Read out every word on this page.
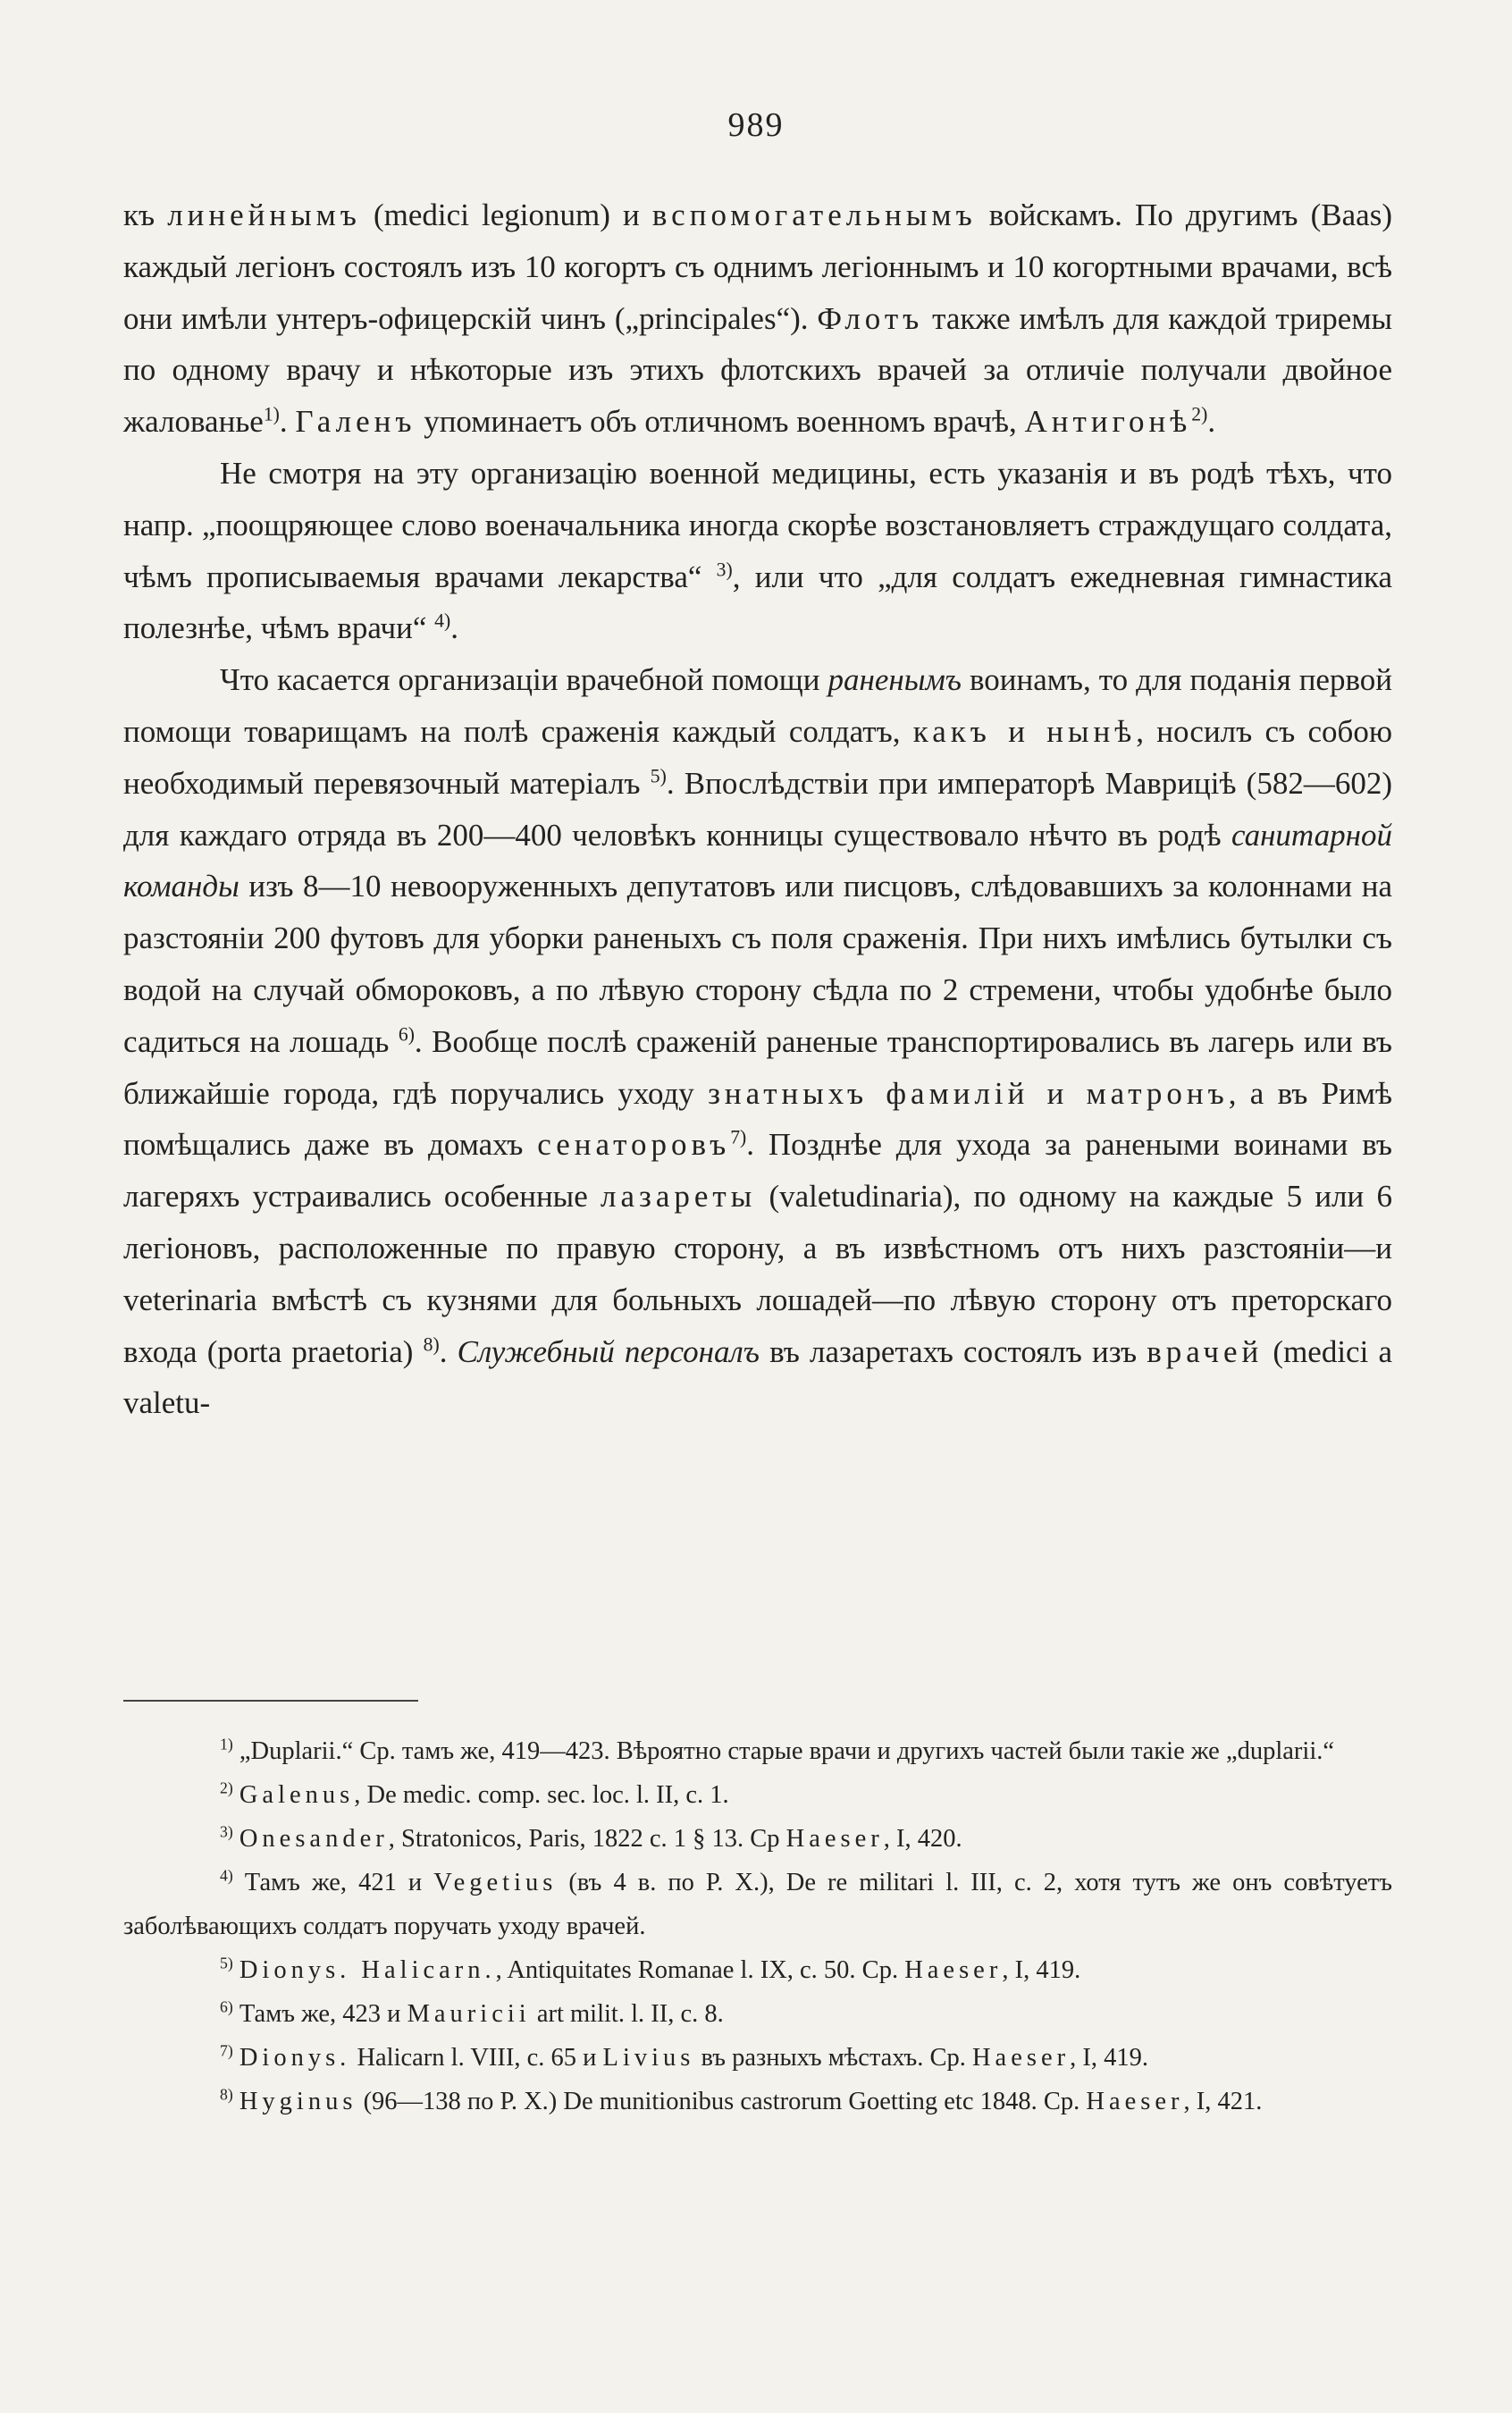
989

къ линейнымъ (medici legionum) и вспомогательнымъ войскамъ. По другимъ (Baas) каждый легіонъ состоялъ изъ 10 когортъ съ однимъ легіоннымъ и 10 когортными врачами, всѣ они имѣли унтеръ-офицерскій чинъ („principales“). Флотъ также имѣлъ для каждой триремы по одному врачу и нѣкоторые изъ этихъ флотскихъ врачей за отличіе получали двойное жалованье$^{1)}$. Галенъ упоминаетъ объ отличномъ военномъ врачѣ, Антигонѣ$^{2)}$.

Не смотря на эту организацію военной медицины, есть указанія и въ родѣ тѣхъ, что напр. „поощряющее слово военачальника иногда скорѣе возстановляетъ страждущаго солдата, чѣмъ прописываемыя врачами лекарства“ $^{3)}$, или что „для солдатъ ежедневная гимнастика полезнѣе, чѣмъ врачи“ $^{4)}$.

Что касается организаціи врачебной помощи раненымъ воинамъ, то для поданія первой помощи товарищамъ на полѣ сраженія каждый солдатъ, какъ и нынѣ, носилъ съ собою необходимый перевязочный матеріалъ $^{5)}$. Впослѣдствіи при императорѣ Маврицiѣ (582—602) для каждаго отряда въ 200—400 человѣкъ конницы существовало нѣчто въ родѣ санитарной команды изъ 8—10 невооруженныхъ депутатовъ или писцовъ, слѣдовавшихъ за колоннами на разстояніи 200 футовъ для уборки раненыхъ съ поля сраженія. При нихъ имѣлись бутылки съ водой на случай обмороковъ, а по лѣвую сторону сѣдла по 2 стремени, чтобы удобнѣе было садиться на лошадь $^{6)}$. Вообще послѣ сраженій раненые транспортировались въ лагерь или въ ближайшіе города, гдѣ поручались уходу знатныхъ фамилій и матронъ, а въ Римѣ помѣщались даже въ домахъ сенаторовъ$^{7)}$. Позднѣе для ухода за ранеными воинами въ лагеряхъ устраивались особенные лазареты (valetudinaria), по одному на каждые 5 или 6 легіоновъ, расположенные по правую сторону, а въ извѣстномъ отъ нихъ разстояніи—и veterinaria вмѣстѣ съ кузнями для больныхъ лошадей—по лѣвую сторону отъ преторскаго входа (porta praetoria) $^{8)}$. Служебный персоналъ въ лазаретахъ состоялъ изъ врачей (medici a valetu-

$^{1)}$ „Duplarii.“ Ср. тамъ же, 419—423. Вѣроятно старые врачи и другихъ частей были такіе же „duplarii.“

$^{2)}$ Galenus, De medic. comp. sec. loc. l. II, c. 1.

$^{3)}$ Onesander, Stratonicos, Paris, 1822 c. 1 § 13. Ср Haeser, I, 420.

$^{4)}$ Тамъ же, 421 и Vegetius (въ 4 в. по Р. Х.), De re militari l. III, c. 2, хотя тутъ же онъ совѣтуетъ заболѣвающихъ солдатъ поручать уходу врачей.

$^{5)}$ Dionys. Halicarn., Antiquitates Romanae l. IX, c. 50. Ср. Haeser, I, 419.

$^{6)}$ Тамъ же, 423 и Mauricii art milit. l. II, c. 8.

$^{7)}$ Dionys. Halicarn l. VIII, c. 65 и Livius въ разныхъ мѣстахъ. Ср. Haeser, I, 419.

$^{8)}$ Hyginus (96—138 по Р. Х.) De munitionibus castrorum Goetting etc 1848. Ср. Haeser, I, 421.
